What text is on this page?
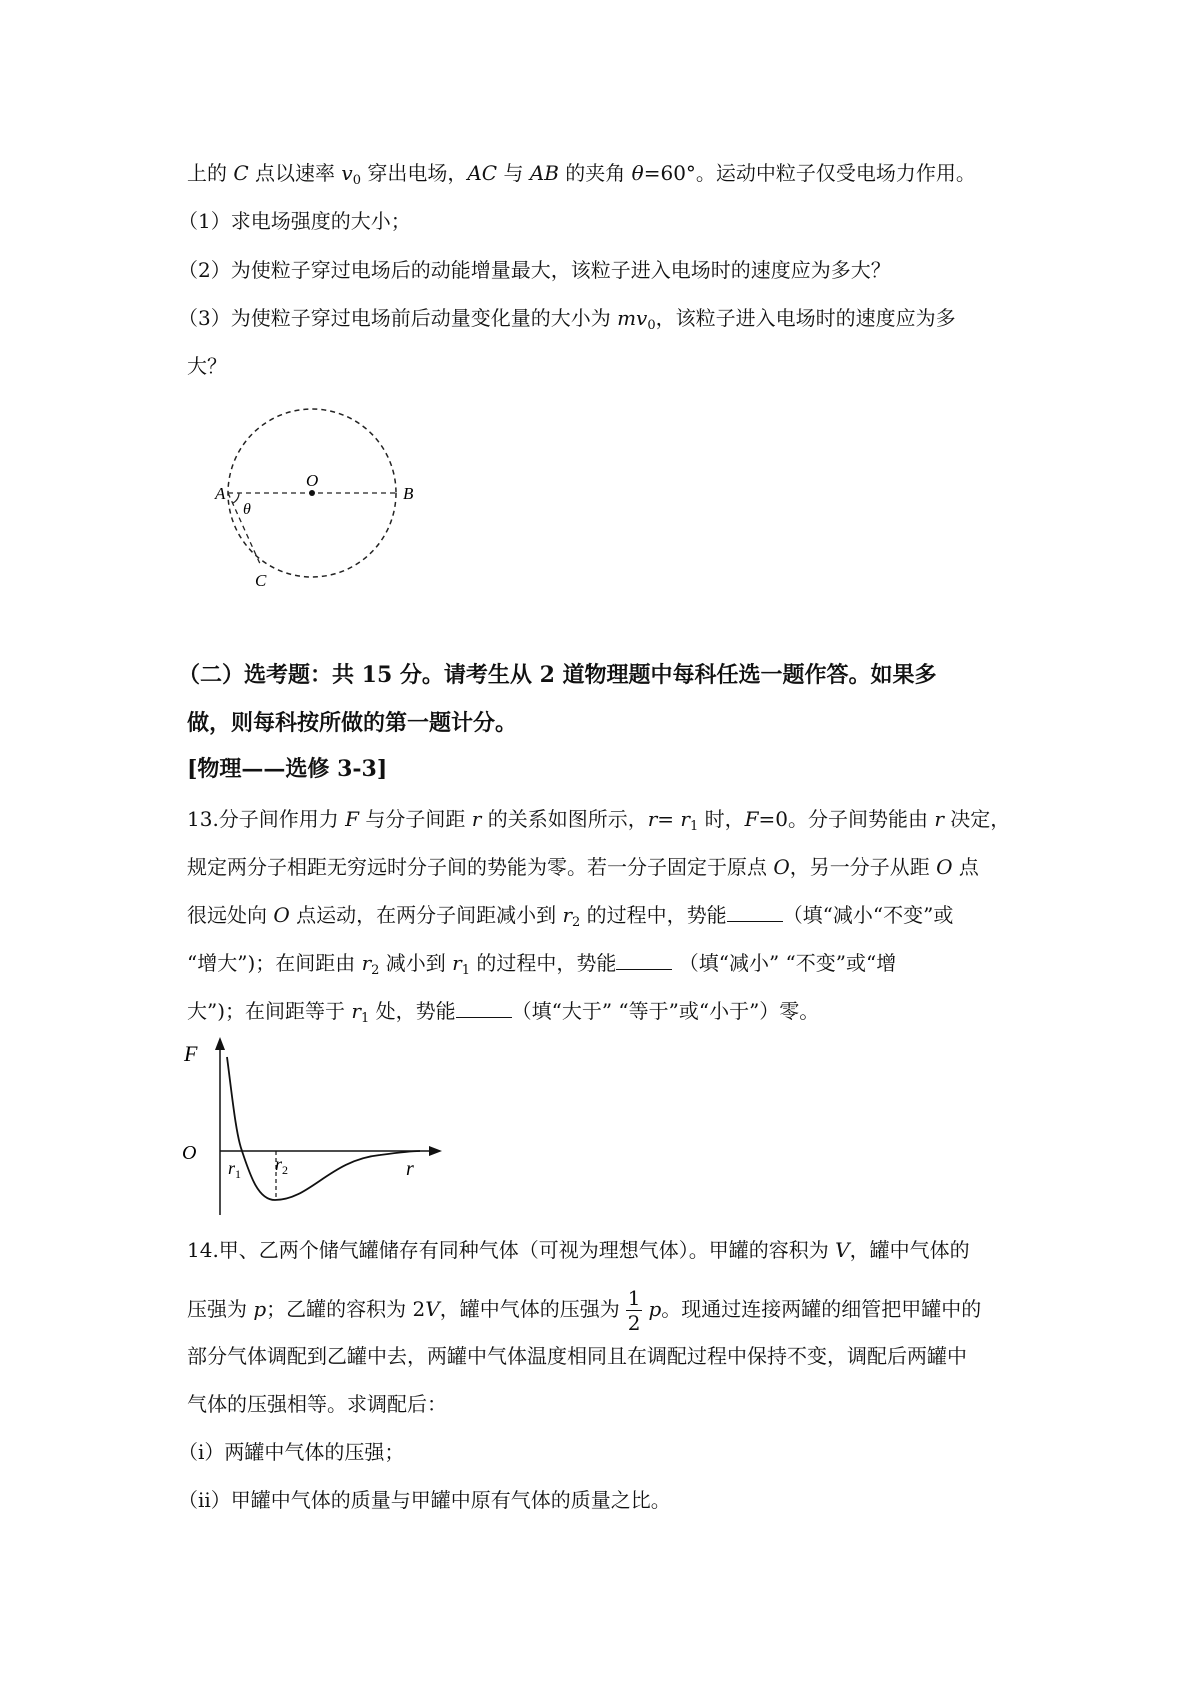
上的 C 点以速率 $v_0$ 穿出电场，AC 与 AB 的夹角 θ=60°。运动中粒子仅受电场力作用。
（1）求电场强度的大小；
（2）为使粒子穿过电场后的动能增量最大，该粒子进入电场时的速度应为多大？
（3）为使粒子穿过电场前后动量变化量的大小为 $mv_0$，该粒子进入电场时的速度应为多
大？
O
A	B
C
θ
（二）选考题：共 15 分。请考生从 2 道物理题中每科任选一题作答。如果多
做，则每科按所做的第一题计分。
[物理——选修 3-3]
13.分子间作用力 F 与分子间距 r 的关系如图所示，$r= r_1$ 时，F=0。分子间势能由 r 决定，
规定两分子相距无穷远时分子间的势能为零。若一分子固定于原点 O，另一分子从距 O 点
很远处向 O 点运动，在两分子间距减小到 $r_2$ 的过程中，势能	（填“减小“不变”或
“增大”)；在间距由 $r_2$ 减小到 $r_1$ 的过程中，势能	（填“减小” “不变”或“增
大”)；在间距等于 $r_1$ 处，势能	（填“大于” “等于”或“小于”）零。
F
O
$r_1$ $r_2$	r
14.甲、乙两个储气罐储存有同种气体（可视为理想气体）。甲罐的容积为 V，罐中气体的
压强为 p；乙罐的容积为 2V，罐中气体的压强为 $\frac{1}{2}$ p。现通过连接两罐的细管把甲罐中的
部分气体调配到乙罐中去，两罐中气体温度相同且在调配过程中保持不变，调配后两罐中
气体的压强相等。求调配后：
（i）两罐中气体的压强；
（ii）甲罐中气体的质量与甲罐中原有气体的质量之比。
